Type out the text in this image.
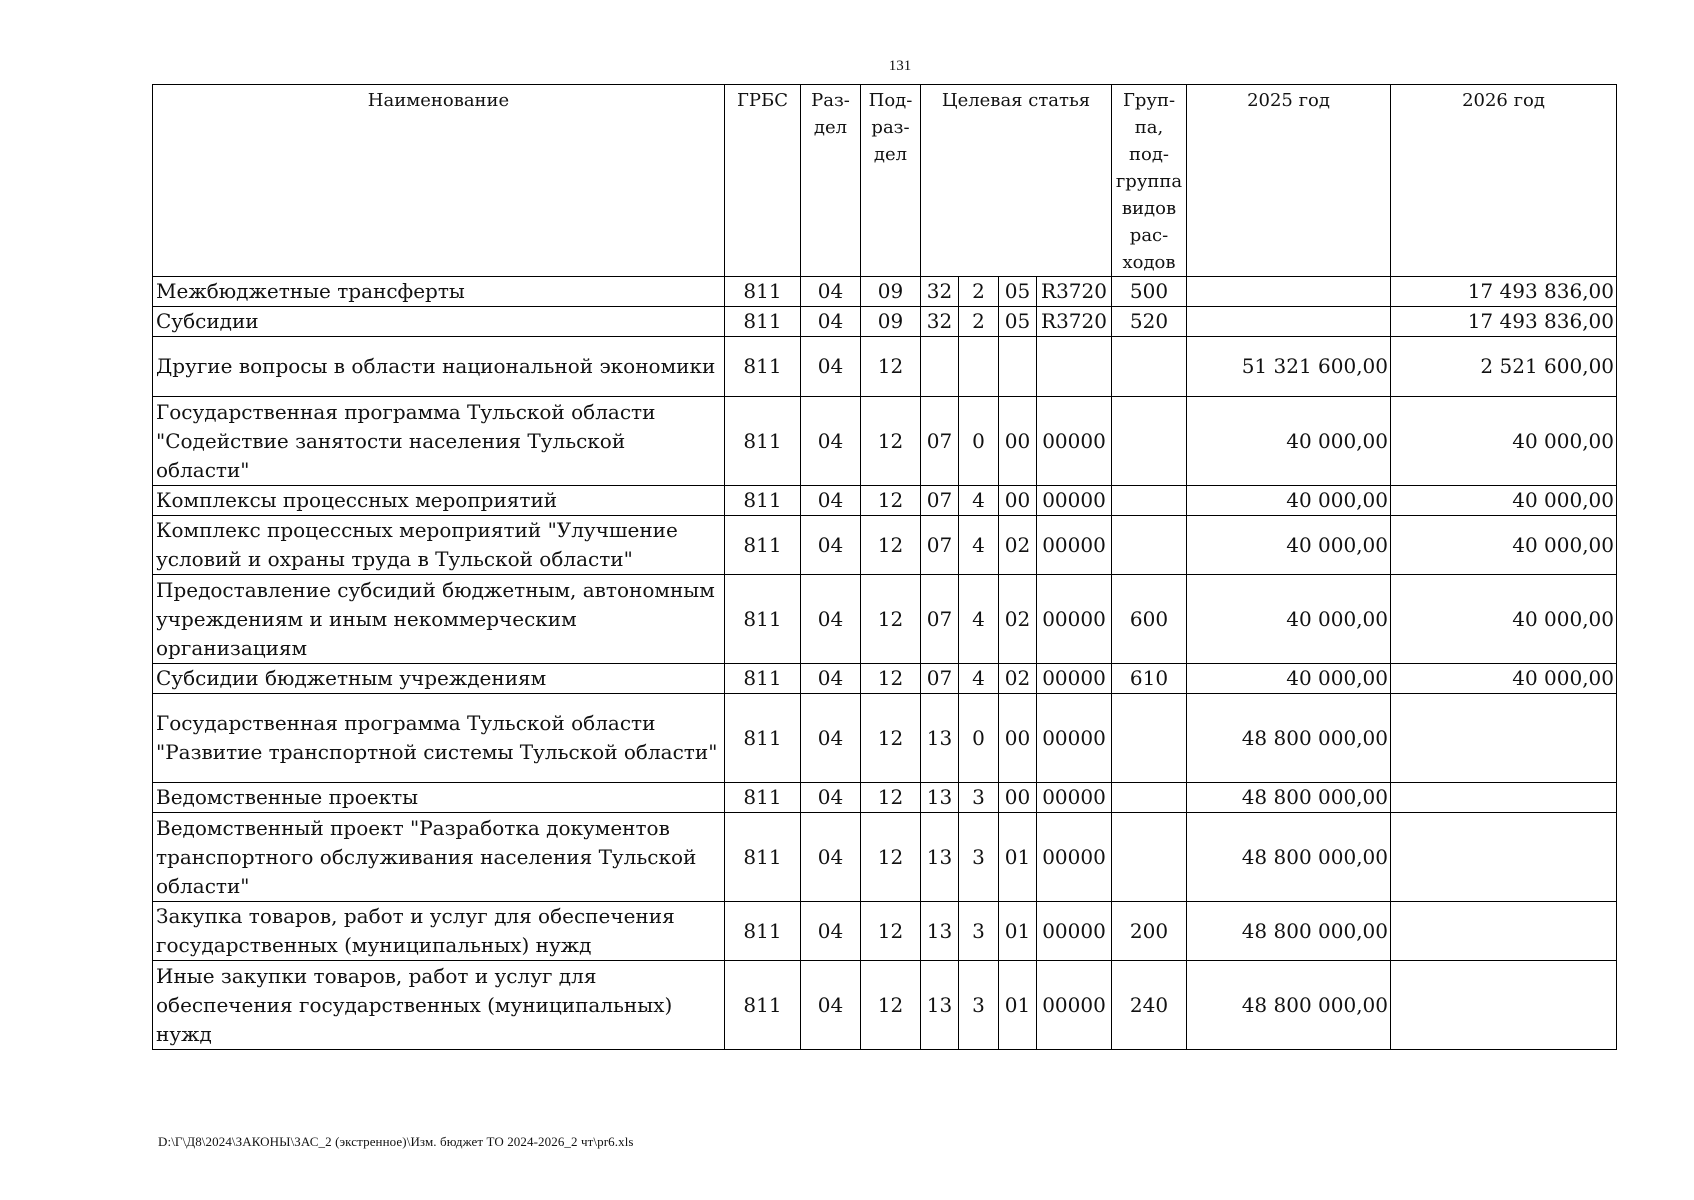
131
Наименование	ГРБС	Раз- дел	Под- раз- дел	Целевая статья				Груп- па, под- группа видов рас- ходов	2025 год	2026 год
Межбюджетные трансферты	811	04	09	32	2	05	R3720	500		17 493 836,00
Субсидии	811	04	09	32	2	05	R3720	520		17 493 836,00
Другие вопросы в области национальной экономики	811	04	12						51 321 600,00	2 521 600,00
Государственная программа Тульской области "Содействие занятости населения Тульской области"	811	04	12	07	0	00	00000		40 000,00	40 000,00
Комплексы процессных мероприятий	811	04	12	07	4	00	00000		40 000,00	40 000,00
Комплекс процессных мероприятий "Улучшение условий и охраны труда в Тульской области"	811	04	12	07	4	02	00000		40 000,00	40 000,00
Предоставление субсидий бюджетным, автономным учреждениям и иным некоммерческим организациям	811	04	12	07	4	02	00000	600	40 000,00	40 000,00
Субсидии бюджетным учреждениям	811	04	12	07	4	02	00000	610	40 000,00	40 000,00
Государственная программа Тульской области "Развитие транспортной системы Тульской области"	811	04	12	13	0	00	00000		48 800 000,00	
Ведомственные проекты	811	04	12	13	3	00	00000		48 800 000,00	
Ведомственный проект "Разработка документов транспортного обслуживания населения Тульской области"	811	04	12	13	3	01	00000		48 800 000,00	
Закупка товаров, работ и услуг для обеспечения государственных (муниципальных) нужд	811	04	12	13	3	01	00000	200	48 800 000,00	
Иные закупки товаров, работ и услуг для обеспечения государственных (муниципальных) нужд	811	04	12	13	3	01	00000	240	48 800 000,00	
D:\Г\Д8\2024\ЗАКОНЫ\ЗАС_2 (экстренное)\Изм. бюджет ТО 2024-2026_2 чт\pr6.xls
